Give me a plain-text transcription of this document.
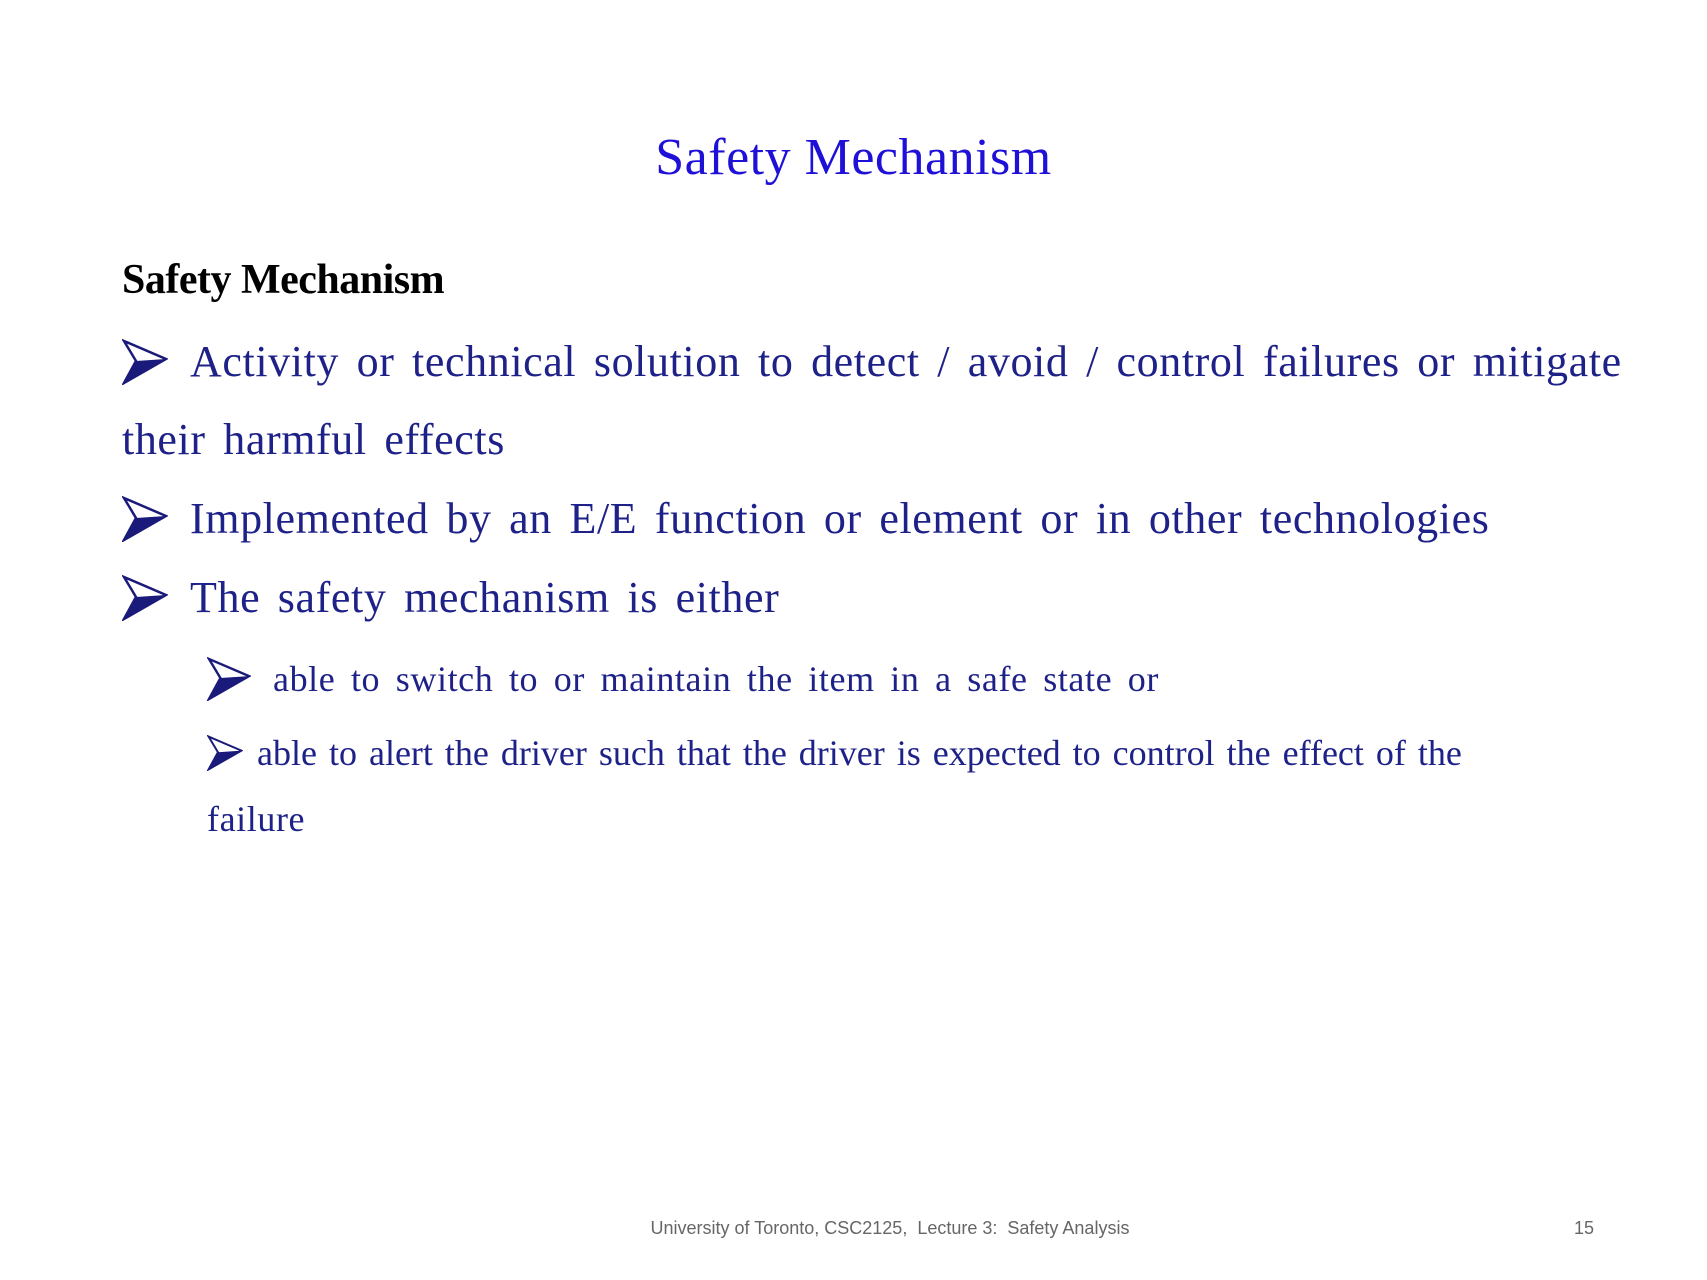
Safety Mechanism
Safety Mechanism
Activity or technical solution to detect / avoid / control failures or mitigate
their harmful effects
Implemented by an E/E function or element or in other technologies
The safety mechanism is either
able to switch to or maintain the item in a safe state or
able to alert the driver such that the driver is expected to control the effect of the
failure
University of Toronto, CSC2125,  Lecture 3:  Safety Analysis	15
